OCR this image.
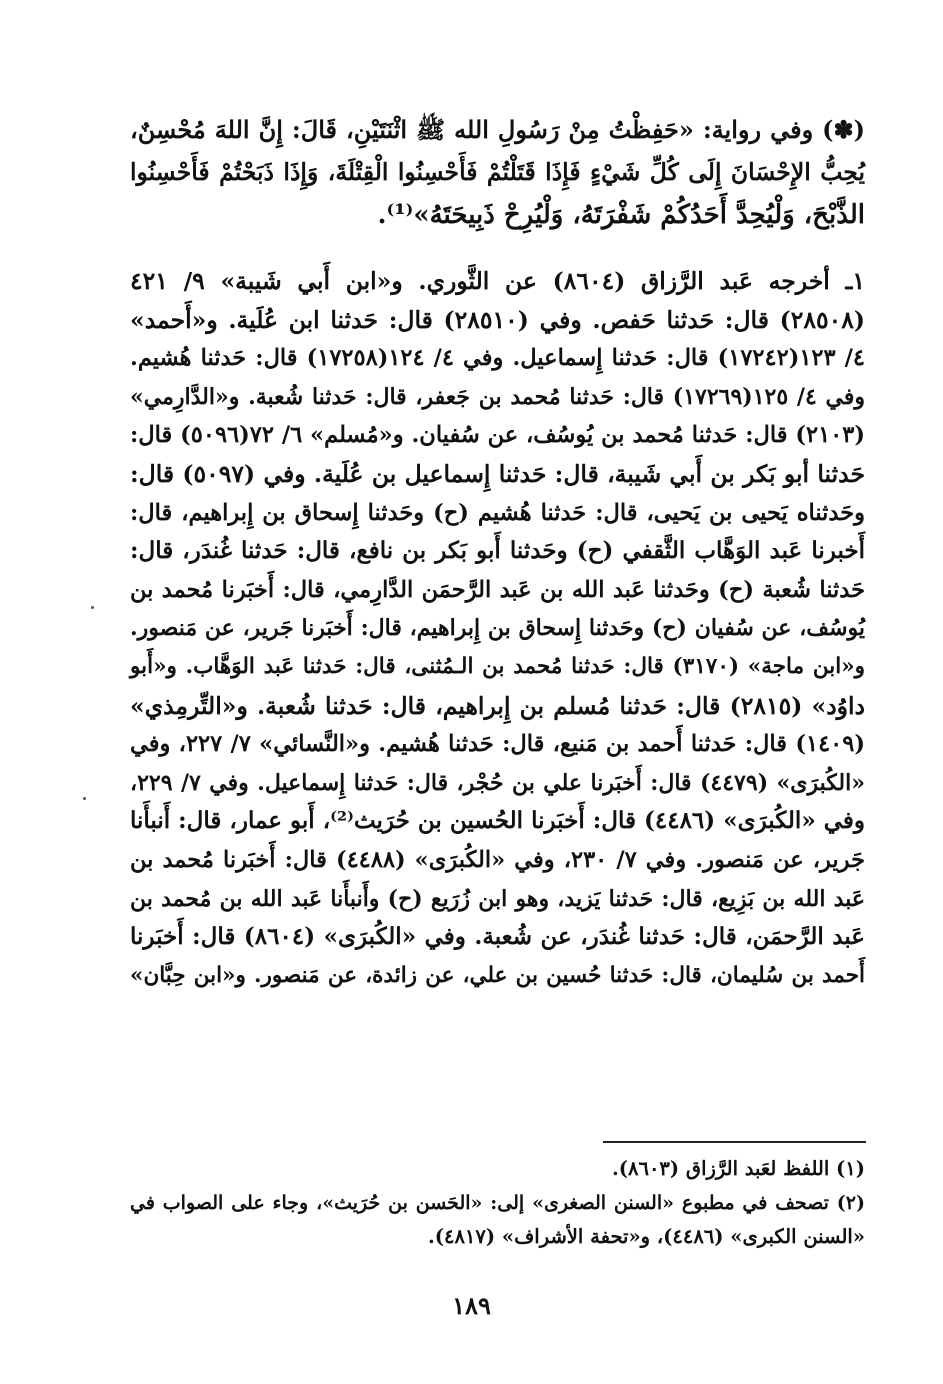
(✽) وفي رواية: «حَفِظْتُ مِنْ رَسُولِ الله ﷺ اثْنَتَيْنِ، قَالَ: إِنَّ اللهَ مُحْسِنٌ،
يُحِبُّ الإِحْسَانَ إِلَى كُلِّ شَيْءٍ فَإِذَا قَتَلْتُمْ فَأَحْسِنُوا الْقِتْلَةَ، وَإِذَا ذَبَحْتُمْ فَأَحْسِنُوا
الذَّبْحَ، وَلْيُحِدَّ أَحَدُكُمْ شَفْرَتَهُ، وَلْيُرِحْ ذَبِيحَتَهُ»⁽¹⁾.
١ـ أخرجه عَبد الرَّزاق (٨٦٠٤) عن الثَّوري. و«ابن أَبي شَيبة» ٩/ ٤٢١
(٢٨٥٠٨) قال: حَدثنا حَفص. وفي (٢٨٥١٠) قال: حَدثنا ابن عُلَية. و«أَحمد»
٤/ ١٢٣(١٧٢٤٢) قال: حَدثنا إِسماعيل. وفي ٤/ ١٢٤(١٧٢٥٨) قال: حَدثنا هُشيم.
وفي ٤/ ١٢٥(١٧٢٦٩) قال: حَدثنا مُحمد بن جَعفر، قال: حَدثنا شُعبة. و«الدَّارِمي»
(٢١٠٣) قال: حَدثنا مُحمد بن يُوسُف، عن سُفيان. و«مُسلم» ٦/ ٧٢(٥٠٩٦) قال:
حَدثنا أبو بَكر بن أَبي شَيبة، قال: حَدثنا إِسماعيل بن عُلَية. وفي (٥٠٩٧) قال:
وحَدثناه يَحيى بن يَحيى، قال: حَدثنا هُشيم (ح) وحَدثنا إِسحاق بن إِبراهيم، قال:
أَخبرنا عَبد الوَهَّاب الثَّقفي (ح) وحَدثنا أَبو بَكر بن نافع، قال: حَدثنا غُندَر، قال:
حَدثنا شُعبة (ح) وحَدثنا عَبد الله بن عَبد الرَّحمَن الدَّارِمي، قال: أَخبَرنا مُحمد بن
يُوسُف، عن سُفيان (ح) وحَدثنا إِسحاق بن إِبراهيم، قال: أَخبَرنا جَرير، عن مَنصور.
و«ابن ماجة» (٣١٧٠) قال: حَدثنا مُحمد بن الـمُثنى، قال: حَدثنا عَبد الوَهَّاب. و«أَبو
داوُد» (٢٨١٥) قال: حَدثنا مُسلم بن إِبراهيم، قال: حَدثنا شُعبة. و«التِّرمِذي»
(١٤٠٩) قال: حَدثنا أَحمد بن مَنيع، قال: حَدثنا هُشيم. و«النَّسائي» ٧/ ٢٢٧، وفي
«الكُبرَى» (٤٤٧٩) قال: أَخبَرنا علي بن حُجْر، قال: حَدثنا إِسماعيل. وفي ٧/ ٢٢٩،
وفي «الكُبرَى» (٤٤٨٦) قال: أَخبَرنا الحُسين بن حُرَيث⁽²⁾، أَبو عمار، قال: أَنبأَنا
جَرير، عن مَنصور. وفي ٧/ ٢٣٠، وفي «الكُبرَى» (٤٤٨٨) قال: أَخبَرنا مُحمد بن
عَبد الله بن بَزِيع، قال: حَدثنا يَزيد، وهو ابن زُرَيع (ح) وأَنبأَنا عَبد الله بن مُحمد بن
عَبد الرَّحمَن، قال: حَدثنا غُندَر، عن شُعبة. وفي «الكُبرَى» (٨٦٠٤) قال: أَخبَرنا
أَحمد بن سُليمان، قال: حَدثنا حُسين بن علي، عن زائدة، عن مَنصور. و«ابن حِبَّان»
(١) اللفظ لعَبد الرَّزاق (٨٦٠٣).
(٢) تصحف في مطبوع «السنن الصغرى» إلى: «الحَسن بن حُرَيث»، وجاء على الصواب في
«السنن الكبرى» (٤٤٨٦)، و«تحفة الأشراف» (٤٨١٧).
١٨٩
